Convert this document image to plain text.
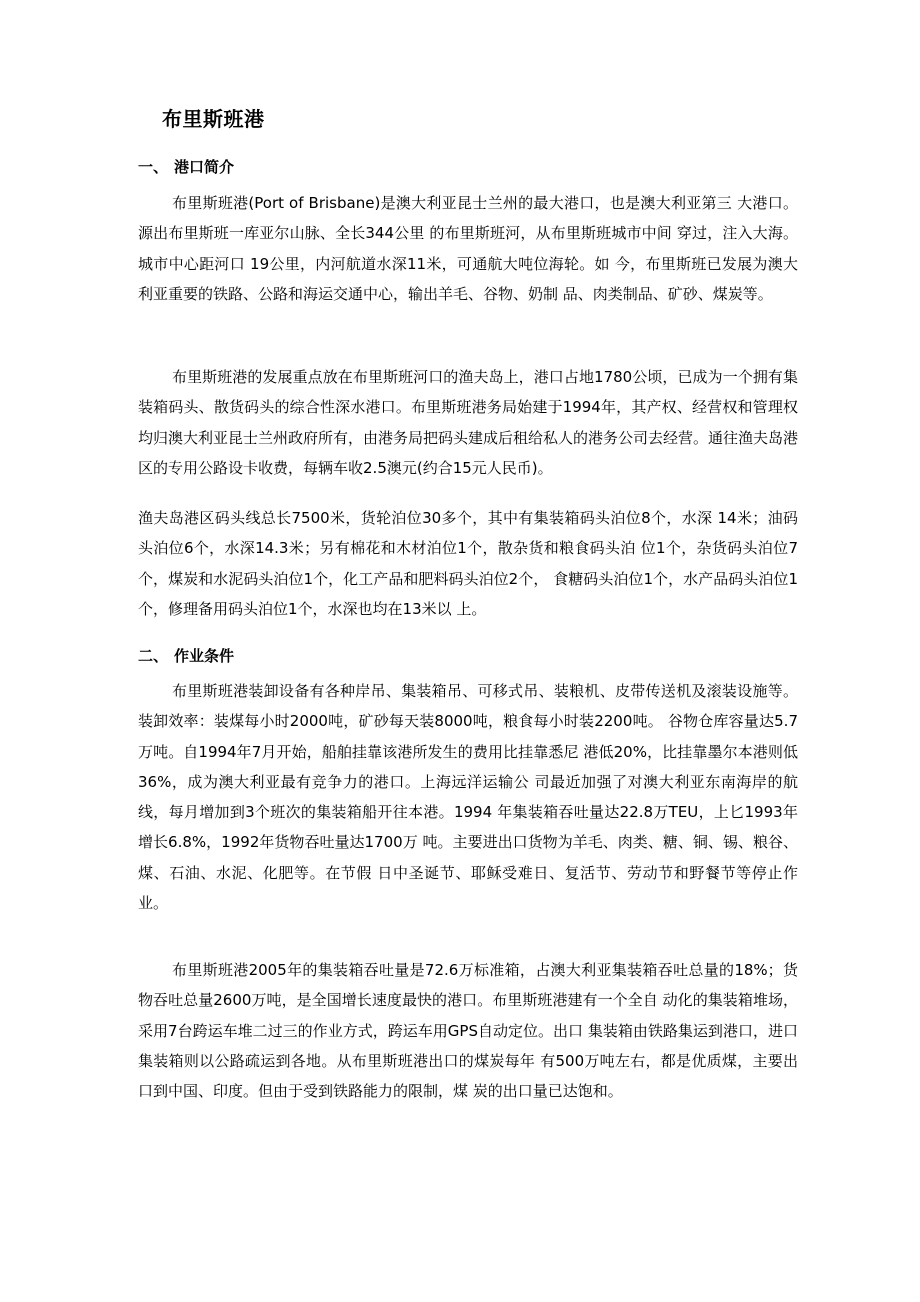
布里斯班港
一、 港口简介

布里斯班港(Port of Brisbane)是澳大利亚昆士兰州的最大港口，也是澳大利亚第三 大港口。源出布里斯班一库亚尔山脉、全长344公里 的布里斯班河，从布里斯班城市中间 穿过，注入大海。城市中心距河口 19公里，内河航道水深11米，可通航大吨位海轮。如 今，布里斯班已发展为澳大利亚重要的铁路、公路和海运交通中心，输出羊毛、谷物、奶制 品、肉类制品、矿砂、煤炭等。

布里斯班港的发展重点放在布里斯班河口的渔夫岛上，港口占地1780公顷，已成为一个拥有集装箱码头、散货码头的综合性深水港口。布里斯班港务局始建于1994年，其产权、经营权和管理权均归澳大利亚昆士兰州政府所有，由港务局把码头建成后租给私人的港务公司去经营。通往渔夫岛港区的专用公路设卡收费，每辆车收2.5澳元(约合15元人民币)。

渔夫岛港区码头线总长7500米，货轮泊位30多个，其中有集装箱码头泊位8个，水深 14米；油码头泊位6个，水深14.3米；另有棉花和木材泊位1个，散杂货和粮食码头泊 位1个，杂货码头泊位7个，煤炭和水泥码头泊位1个，化工产品和肥料码头泊位2个， 食糖码头泊位1个，水产品码头泊位1个，修理备用码头泊位1个，水深也均在13米以 上。

二、 作业条件

布里斯班港装卸设备有各种岸吊、集装箱吊、可移式吊、装粮机、皮带传送机及滚装设施等。装卸效率：装煤每小时2000吨，矿砂每天装8000吨，粮食每小时装2200吨。 谷物仓库容量达5.7万吨。自1994年7月开始，船舶挂靠该港所发生的费用比挂靠悉尼 港低20%，比挂靠墨尔本港则低36%，成为澳大利亚最有竞争力的港口。上海远洋运输公 司最近加强了对澳大利亚东南海岸的航线，每月增加到3个班次的集装箱船开往本港。1994 年集装箱吞吐量达22.8万TEU，上匕1993年增长6.8%，1992年货物吞吐量达1700万 吨。主要进出口货物为羊毛、肉类、糖、铜、锡、粮谷、煤、石油、水泥、化肥等。在节假 日中圣诞节、耶稣受难日、复活节、劳动节和野餐节等停止作业。

布里斯班港2005年的集装箱吞吐量是72.6万标准箱，占澳大利亚集装箱吞吐总量的18%；货物吞吐总量2600万吨，是全国增长速度最快的港口。布里斯班港建有一个全自 动化的集装箱堆场，采用7台跨运车堆二过三的作业方式，跨运车用GPS自动定位。出口 集装箱由铁路集运到港口，进口集装箱则以公路疏运到各地。从布里斯班港出口的煤炭每年 有500万吨左右，都是优质煤，主要出口到中国、印度。但由于受到铁路能力的限制，煤 炭的出口量已达饱和。
